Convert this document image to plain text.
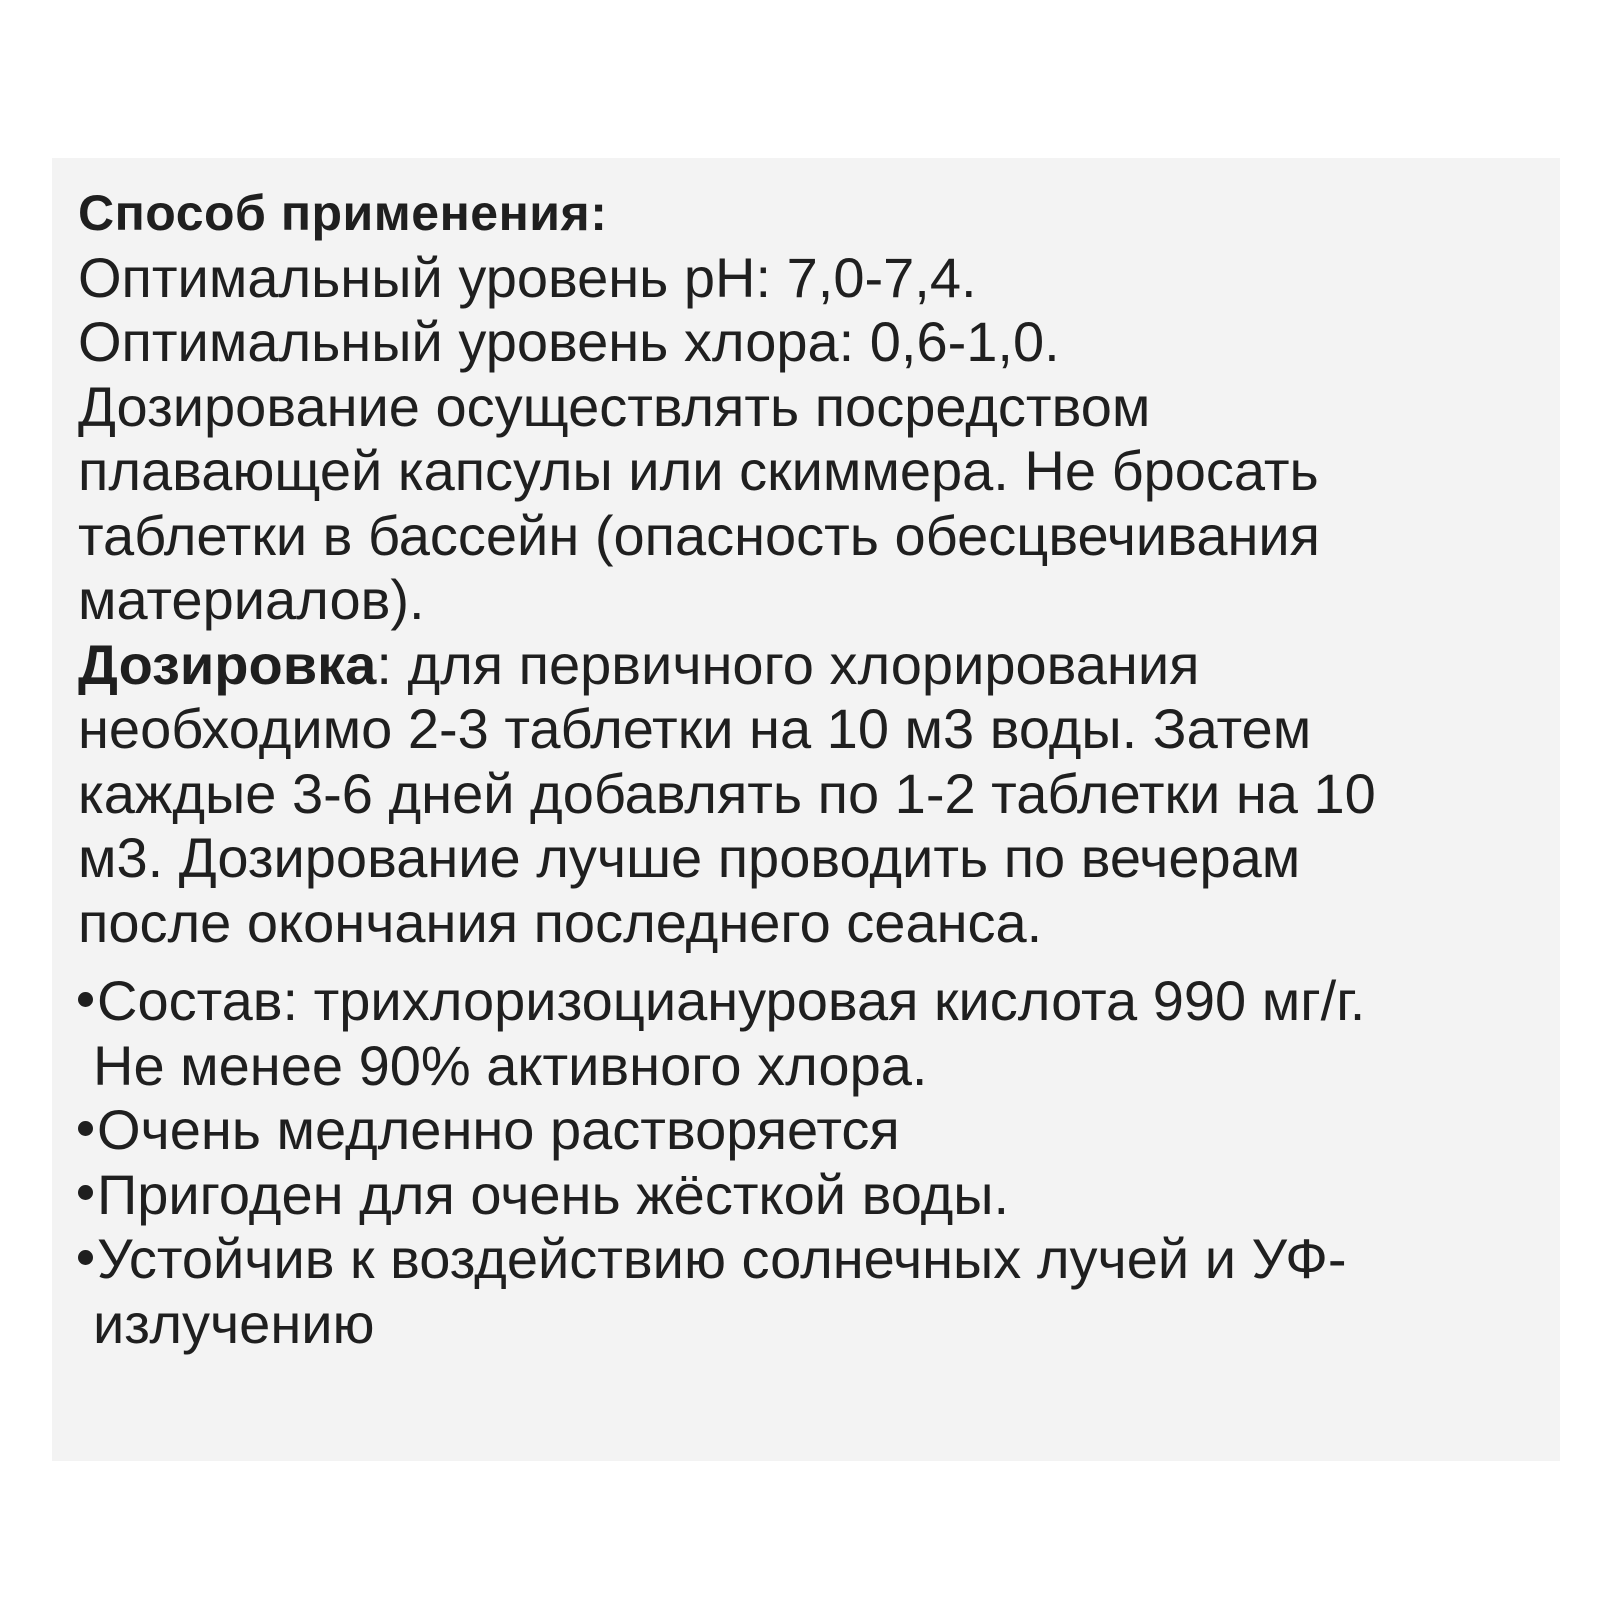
Способ применения:
Оптимальный уровень pH: 7,0-7,4.
Оптимальный уровень хлора: 0,6-1,0.
Дозирование осуществлять посредством
плавающей капсулы или скиммера. Не бросать
таблетки в бассейн (опасность обесцвечивания
материалов).
Дозировка: для первичного хлорирования
необходимо 2-3 таблетки на 10 м3 воды. Затем
каждые 3-6 дней добавлять по 1-2 таблетки на 10
м3. Дозирование лучше проводить по вечерам
после окончания последнего сеанса.
Состав: трихлоризоциануровая кислота 990 мг/г.
Не менее 90% активного хлора.
Очень медленно растворяется
Пригоден для очень жёсткой воды.
Устойчив к воздействию солнечных лучей и УФ-
излучению
